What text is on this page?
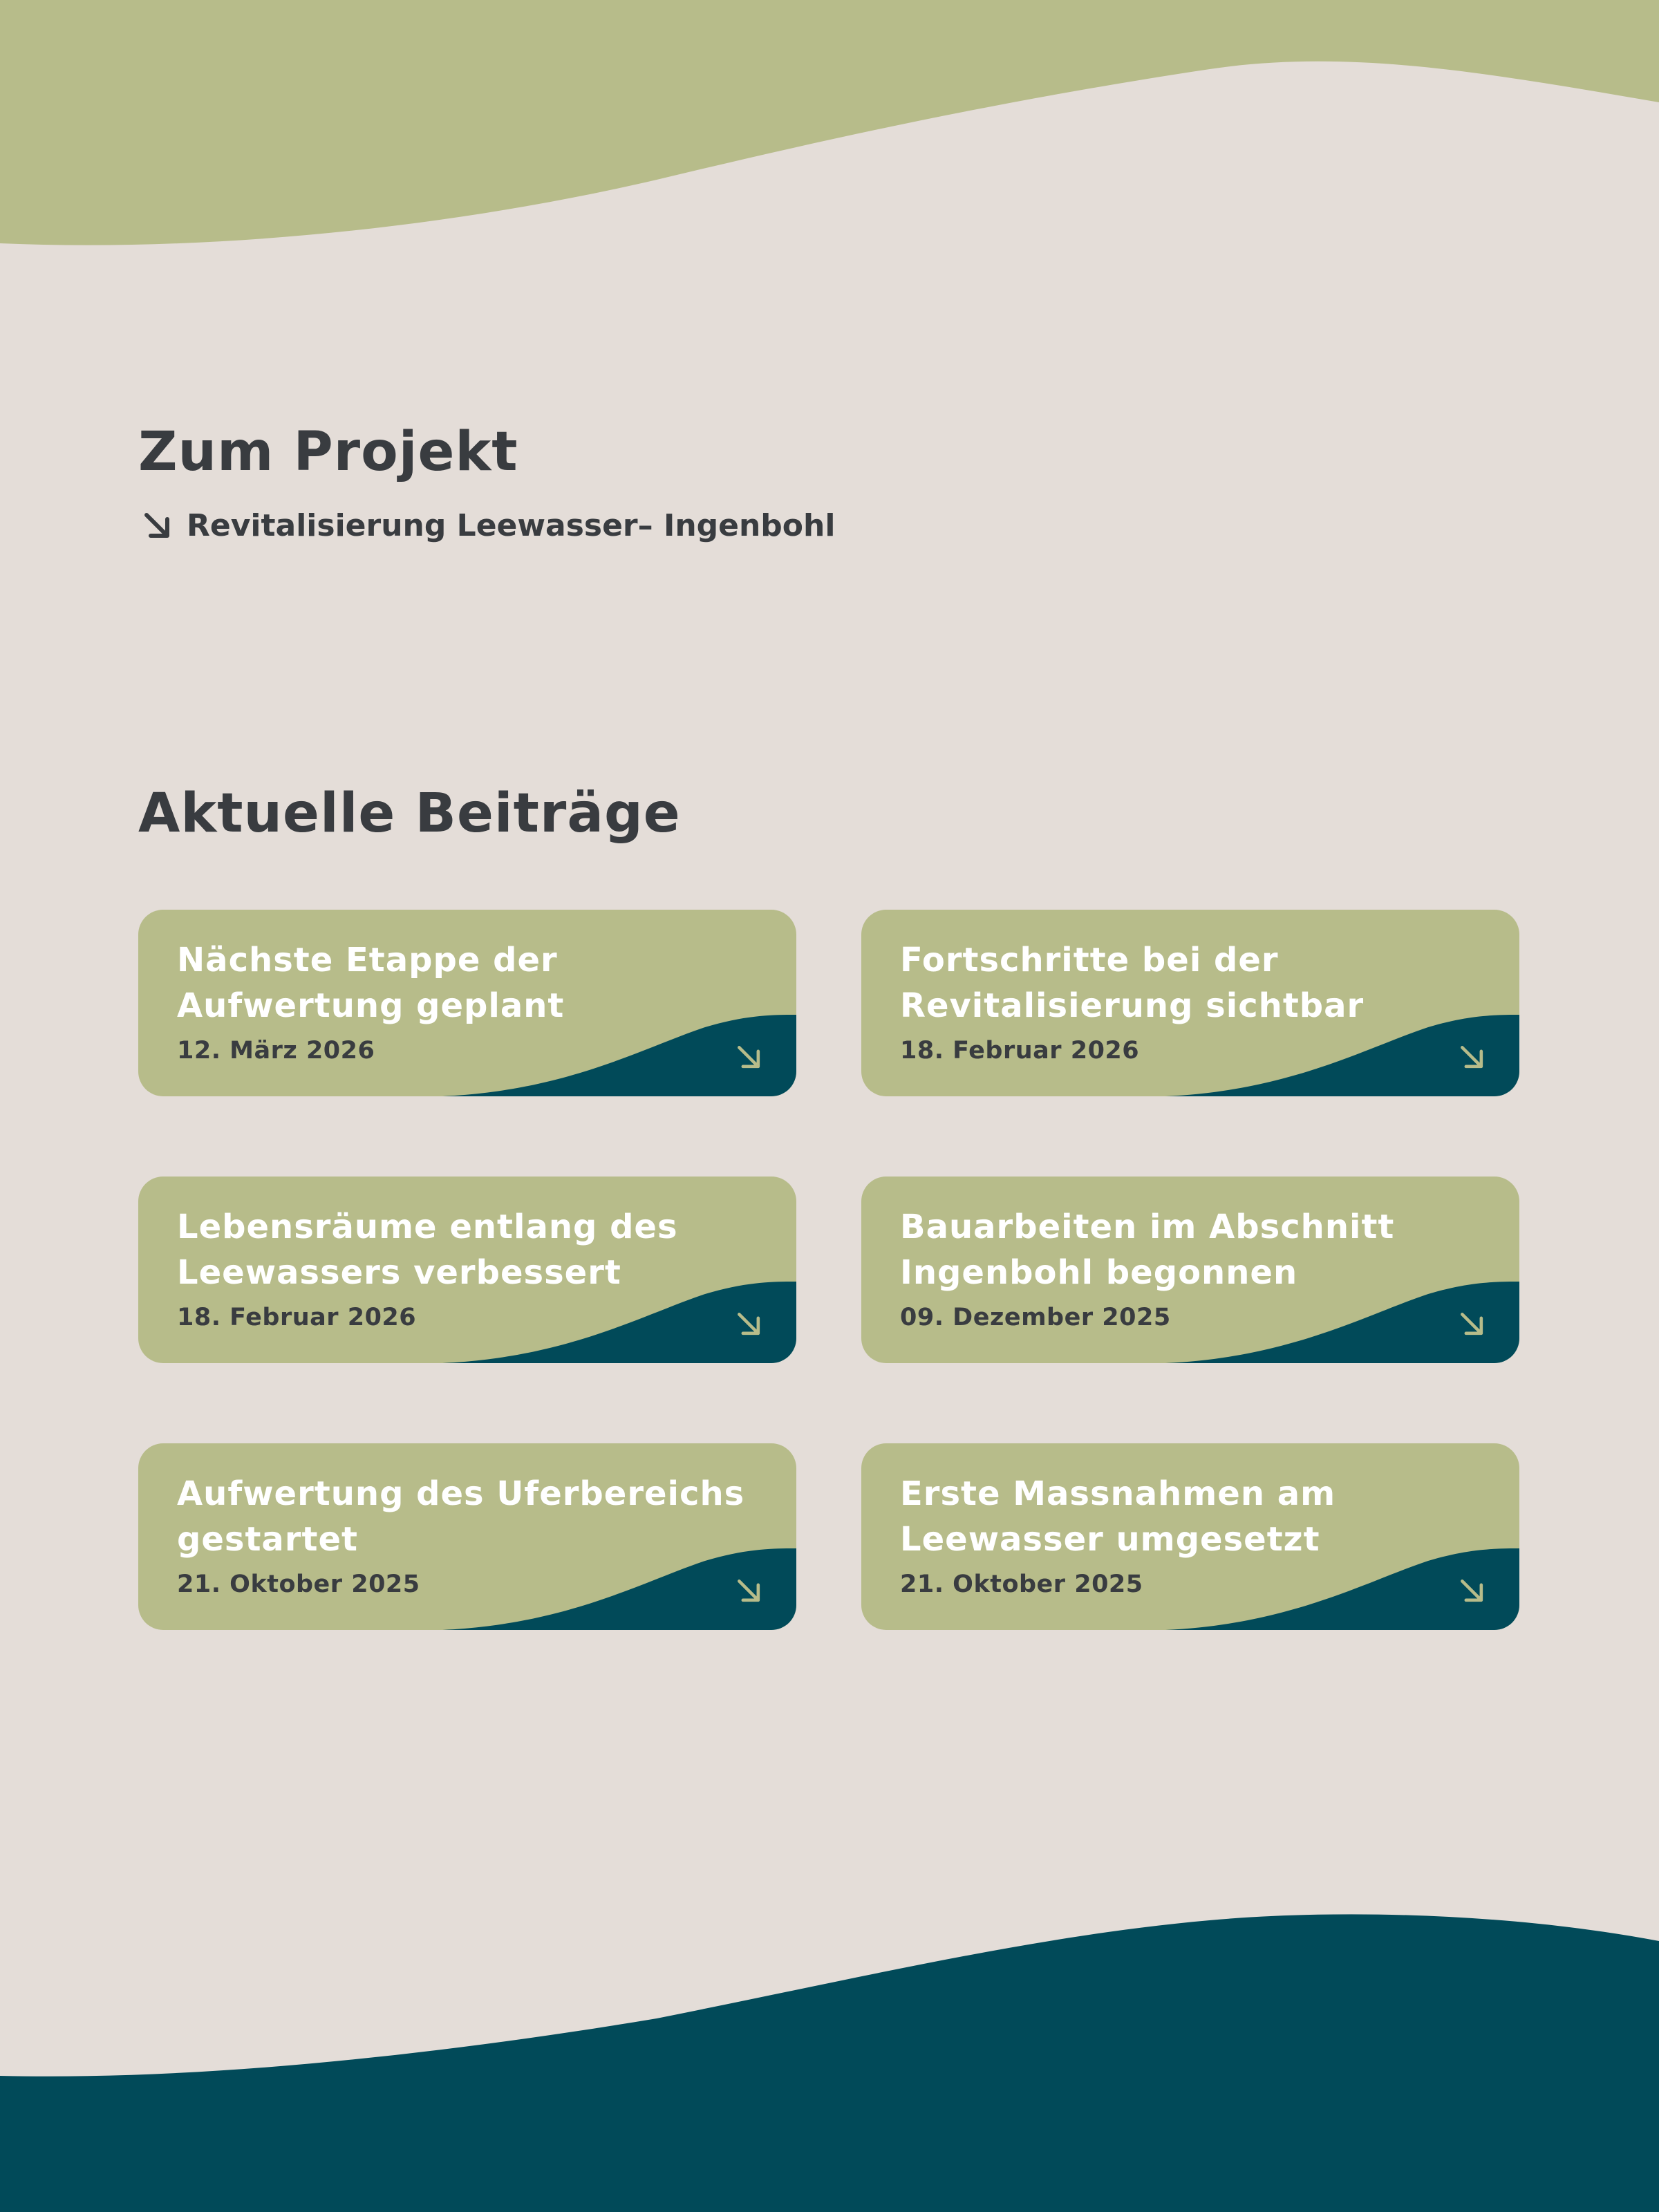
Zum Projekt
Revitalisierung Leewasser– Ingenbohl
Aktuelle Beiträge
Nächste Etappe der Aufwertung geplant
12. März 2026
Fortschritte bei der Revitalisierung sichtbar
18. Februar 2026
Lebensräume entlang des Leewassers verbessert
18. Februar 2026
Bauarbeiten im Abschnitt Ingenbohl begonnen
09. Dezember 2025
Aufwertung des Uferbereichs gestartet
21. Oktober 2025
Erste Massnahmen am Leewasser umgesetzt
21. Oktober 2025
